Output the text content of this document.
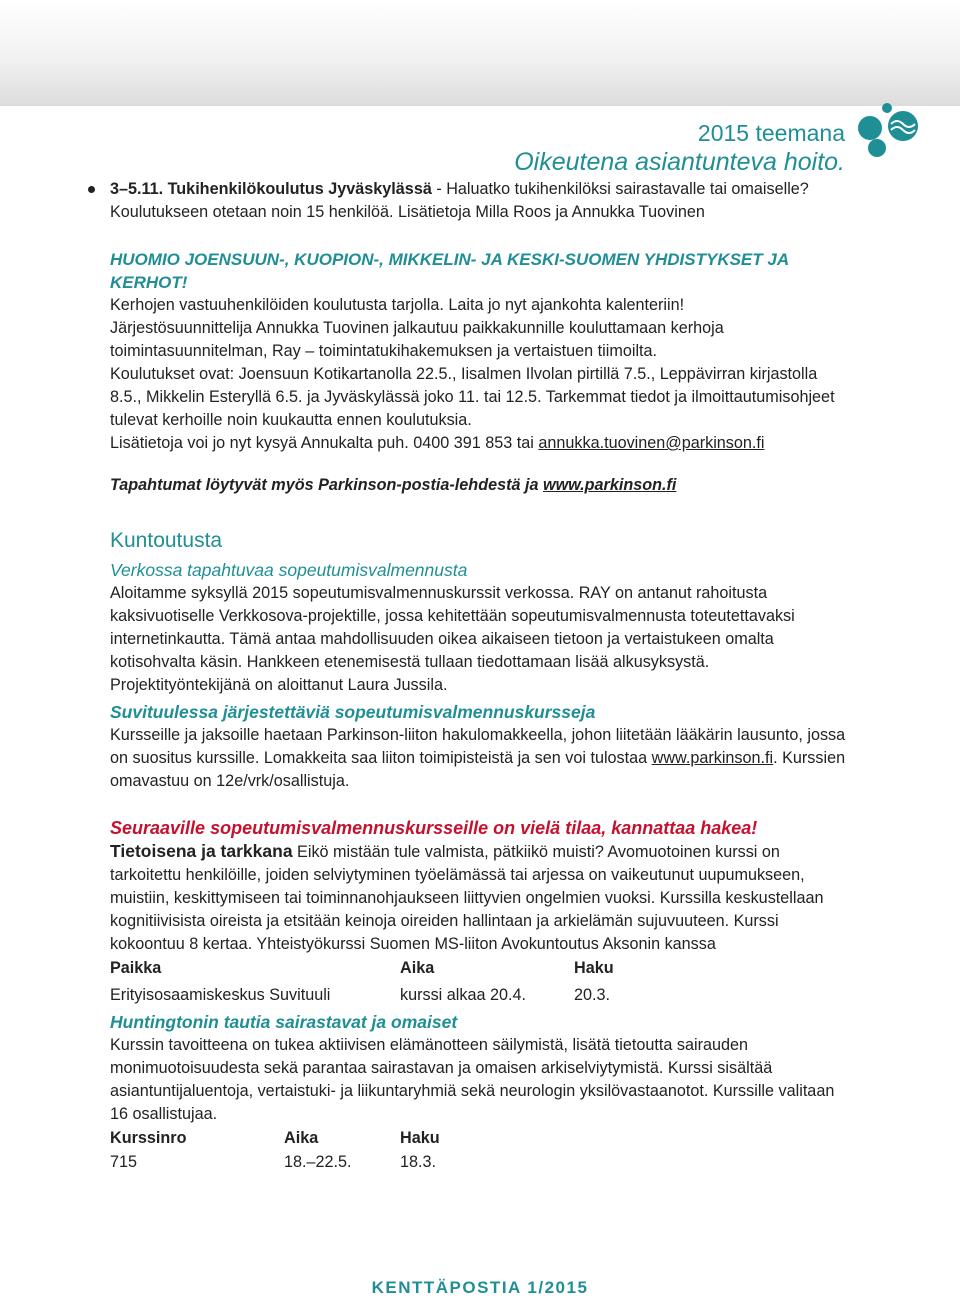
2015 teemana
Oikeutena asiantunteva hoito.
3–5.11. Tukihenkilökoulutus Jyväskylässä - Haluatko tukihenkilöksi sairastavalle tai omaiselle? Koulutukseen otetaan noin 15 henkilöä. Lisätietoja Milla Roos ja Annukka Tuovinen

HUOMIO JOENSUUN-, KUOPION-, MIKKELIN- JA KESKI-SUOMEN YHDISTYKSET JA KERHOT!

Kerhojen vastuuhenkilöiden koulutusta tarjolla. Laita jo nyt ajankohta kalenteriin!

Järjestösuunnittelija Annukka Tuovinen jalkautuu paikkakunnille kouluttamaan kerhoja toimintasuunnitelman, Ray – toimintatukihakemuksen ja vertaistuen tiimoilta.

Koulutukset ovat: Joensuun Kotikartanolla 22.5., Iisalmen Ilvolan pirtillä 7.5., Leppävirran kirjastolla 8.5., Mikkelin Esteryllä 6.5. ja Jyväskylässä joko 11. tai 12.5. Tarkemmat tiedot ja ilmoittautumisohjeet tulevat kerhoille noin kuukautta ennen koulutuksia.

Lisätietoja voi jo nyt kysyä Annukalta puh. 0400 391 853 tai annukka.tuovinen@parkinson.fi

Tapahtumat löytyvät myös Parkinson-postia-lehdestä ja www.parkinson.fi

Kuntoutusta

Verkossa tapahtuvaa sopeutumisvalmennusta

Aloitamme syksyllä 2015 sopeutumisvalmennuskurssit verkossa. RAY on antanut rahoitusta kaksivuotiselle Verkkosova-projektille, jossa kehitettään sopeutumisvalmennusta toteutettavaksi internetinkautta. Tämä antaa mahdollisuuden oikea aikaiseen tietoon ja vertaistukeen omalta kotisohvalta käsin. Hankkeen etenemisestä tullaan tiedottamaan lisää alkusyksystä. Projektityöntekijänä on aloittanut Laura Jussila.

Suvituulessa järjestettäviä sopeutumisvalmennuskursseja

Kursseille ja jaksoille haetaan Parkinson-liiton hakulomakkeella, johon liitetään lääkärin lausunto, jossa on suositus kurssille. Lomakkeita saa liiton toimipisteistä ja sen voi tulostaa www.parkinson.fi. Kurssien omavastuu on 12e/vrk/osallistuja.

Seuraaville sopeutumisvalmennuskursseille on vielä tilaa, kannattaa hakea!

Tietoisena ja tarkkana Eikö mistään tule valmista, pätkiikö muisti? Avomuotoinen kurssi on tarkoitettu henkilöille, joiden selviytyminen työelämässä tai arjessa on vaikeutunut uupumukseen, muistiin, keskittymiseen tai toiminnanohjaukseen liittyvien ongelmien vuoksi. Kurssilla keskustellaan kognitiivisista oireista ja etsitään keinoja oireiden hallintaan ja arkielämän sujuvuuteen. Kurssi kokoontuu 8 kertaa. Yhteistyökurssi Suomen MS-liiton Avokuntoutus Aksonin kanssa

Paikka	Aika	Haku
Erityisosaamiskeskus Suvituuli	kurssi alkaa 20.4.	20.3.

Huntingtonin tautia sairastavat ja omaiset

Kurssin tavoitteena on tukea aktiivisen elämänotteen säilymistä, lisätä tietoutta sairauden monimuotoisuudesta sekä parantaa sairastavan ja omaisen arkiselviytymistä. Kurssi sisältää asiantuntijaluentoja, vertaistuki- ja liikuntaryhmiä sekä neurologin yksilövastaanotot. Kurssille valitaan 16 osallistujaa.

Kurssinro	Aika	Haku
715	18.–22.5.	18.3.
KENTTÄPOSTIA 1/2015
